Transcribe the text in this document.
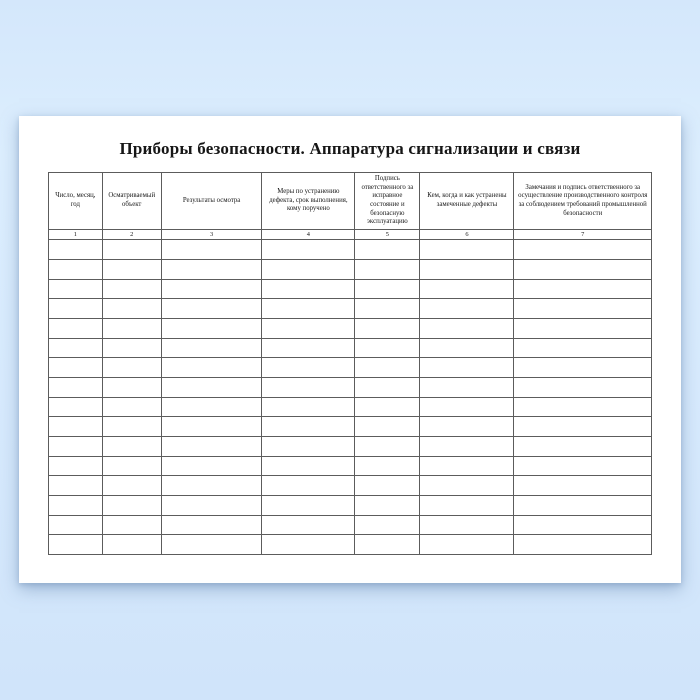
Приборы безопасности. Аппаратура сигнализации и связи
Число, месяц, год	Осматриваемый объект	Результаты осмотра	Меры по устранению дефекта, срок выполнения, кому поручено	Подпись ответственного за исправное состояние и безопасную эксплуатацию	Кем, когда и как устранены замеченные дефекты	Замечания и подпись ответственного за осуществление производственного контроля за соблюдением требований промышленной безопасности
1	2	3	4	5	6	7
